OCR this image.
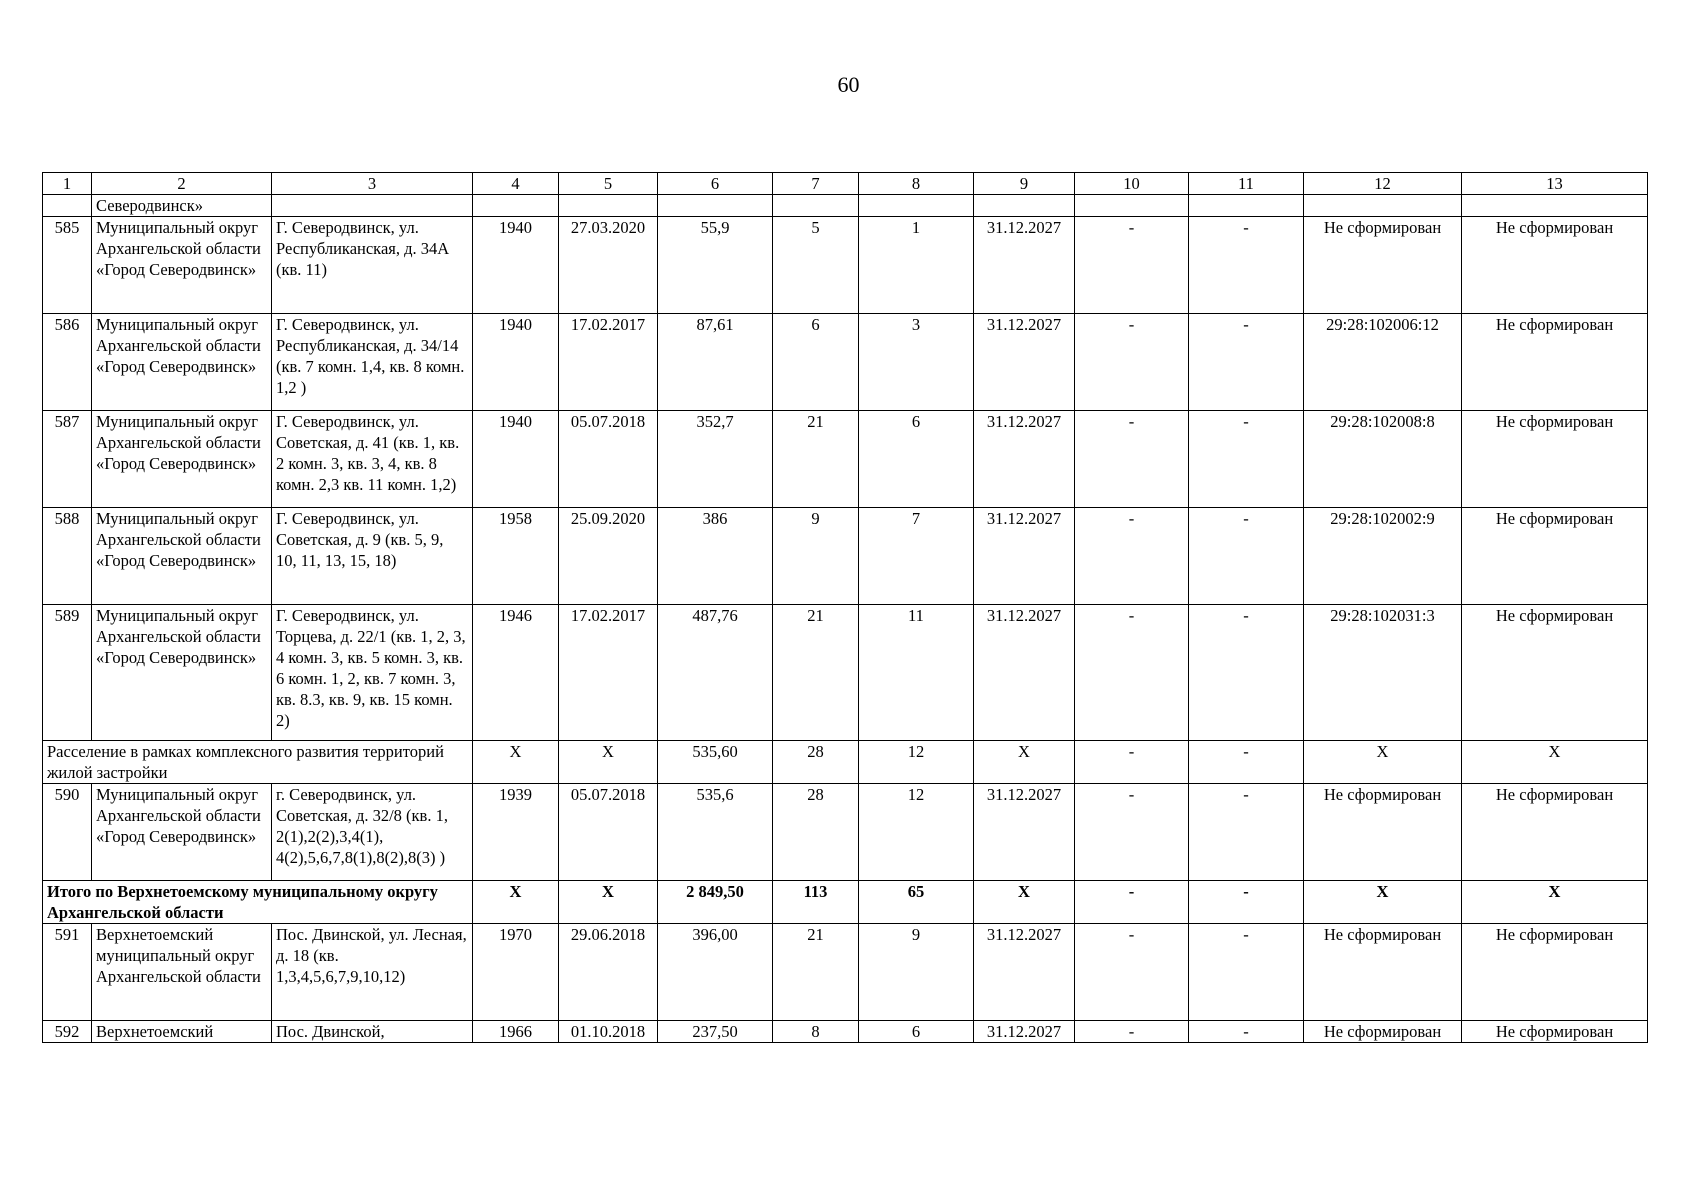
60
1	2	3	4	5	6	7	8	9	10	11	12	13
	Северодвинск»											
585	Муниципальный округ Архангельской области «Город Северодвинск»	Г. Северодвинск, ул. Республиканская, д. 34А (кв. 11)	1940	27.03.2020	55,9	5	1	31.12.2027	-	-	Не сформирован	Не сформирован
586	Муниципальный округ Архангельской области «Город Северодвинск»	Г. Северодвинск, ул. Республиканская, д. 34/14 (кв. 7 комн. 1,4, кв. 8 комн. 1,2 )	1940	17.02.2017	87,61	6	3	31.12.2027	-	-	29:28:102006:12	Не сформирован
587	Муниципальный округ Архангельской области «Город Северодвинск»	Г. Северодвинск, ул. Советская, д. 41 (кв. 1, кв. 2 комн. 3, кв. 3, 4, кв. 8 комн. 2,3 кв. 11 комн. 1,2)	1940	05.07.2018	352,7	21	6	31.12.2027	-	-	29:28:102008:8	Не сформирован
588	Муниципальный округ Архангельской области «Город Северодвинск»	Г. Северодвинск, ул. Советская, д. 9 (кв. 5, 9, 10, 11, 13, 15, 18)	1958	25.09.2020	386	9	7	31.12.2027	-	-	29:28:102002:9	Не сформирован
589	Муниципальный округ Архангельской области «Город Северодвинск»	Г. Северодвинск, ул. Торцева, д. 22/1 (кв. 1, 2, 3, 4 комн. 3, кв. 5 комн. 3, кв. 6 комн. 1, 2, кв. 7 комн. 3, кв. 8.3, кв. 9, кв. 15 комн. 2)	1946	17.02.2017	487,76	21	11	31.12.2027	-	-	29:28:102031:3	Не сформирован
Расселение в рамках комплексного развития территорий жилой застройки			X	X	535,60	28	12	X	-	-	X	X
590	Муниципальный округ Архангельской области «Город Северодвинск»	г. Северодвинск, ул. Советская, д. 32/8 (кв. 1, 2(1),2(2),3,4(1), 4(2),5,6,7,8(1),8(2),8(3) )	1939	05.07.2018	535,6	28	12	31.12.2027	-	-	Не сформирован	Не сформирован
Итого по Верхнетоемскому муниципальному округу Архангельской области			X	X	2 849,50	113	65	X	-	-	X	X
591	Верхнетоемский муниципальный округ Архангельской области	Пос. Двинской, ул. Лесная, д. 18 (кв. 1,3,4,5,6,7,9,10,12)	1970	29.06.2018	396,00	21	9	31.12.2027	-	-	Не сформирован	Не сформирован
592	Верхнетоемский	Пос. Двинской,	1966	01.10.2018	237,50	8	6	31.12.2027	-	-	Не сформирован	Не сформирован
